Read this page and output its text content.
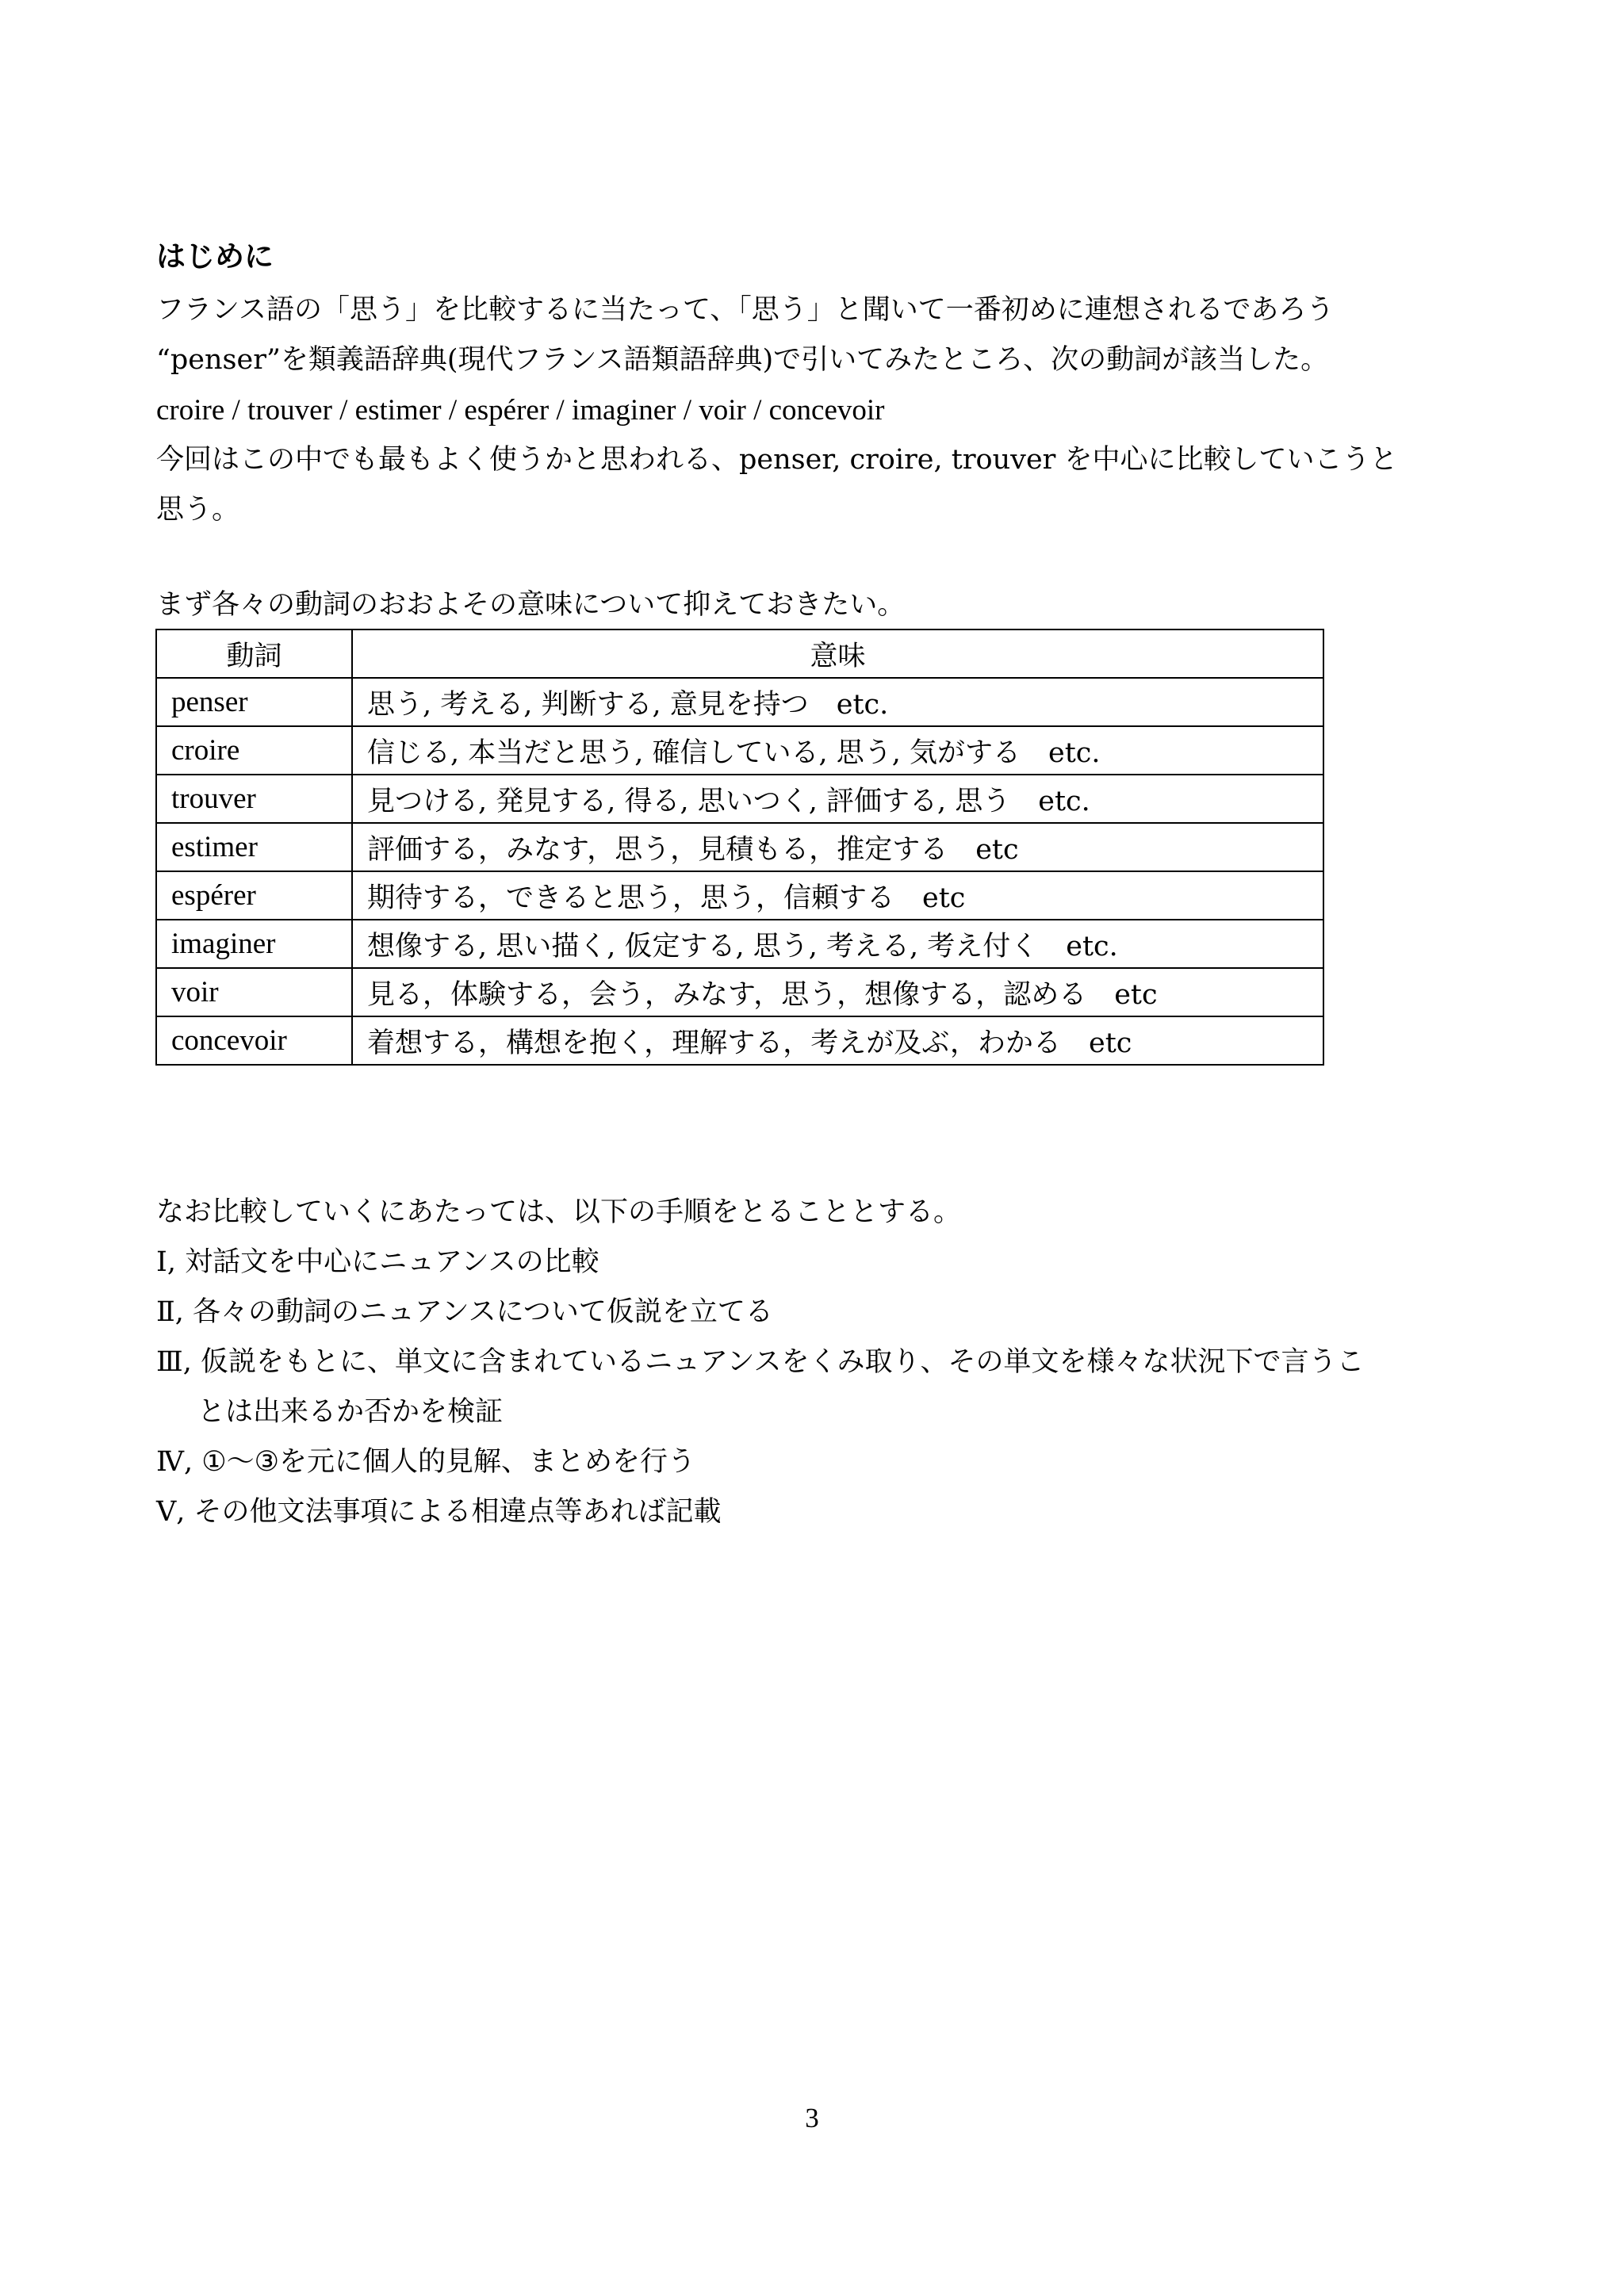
はじめに

フランス語の「思う」を比較するに当たって、「思う」と聞いて一番初めに連想されるであろう

“penser”を類義語辞典(現代フランス語類語辞典)で引いてみたところ、次の動詞が該当した。

croire / trouver / estimer / espérer / imaginer / voir / concevoir

今回はこの中でも最もよく使うかと思われる、penser, croire, trouver を中心に比較していこうと

思う。

まず各々の動詞のおおよその意味について抑えておきたい。

動詞	意味
penser	思う, 考える, 判断する, 意見を持つ　etc.
croire	信じる, 本当だと思う, 確信している, 思う, 気がする　etc.
trouver	見つける, 発見する, 得る, 思いつく, 評価する, 思う　etc.
estimer	評価する，みなす，思う，見積もる，推定する　etc
espérer	期待する，できると思う，思う，信頼する　etc
imaginer	想像する, 思い描く, 仮定する, 思う, 考える, 考え付く　etc.
voir	見る，体験する，会う，みなす，思う，想像する，認める　etc
concevoir	着想する，構想を抱く，理解する，考えが及ぶ，わかる　etc

なお比較していくにあたっては、以下の手順をとることとする。

Ⅰ, 対話文を中心にニュアンスの比較

Ⅱ, 各々の動詞のニュアンスについて仮説を立てる

Ⅲ, 仮説をもとに、単文に含まれているニュアンスをくみ取り、その単文を様々な状況下で言うこ

とは出来るか否かを検証

Ⅳ, ①～③を元に個人的見解、まとめを行う

Ⅴ, その他文法事項による相違点等あれば記載

3
